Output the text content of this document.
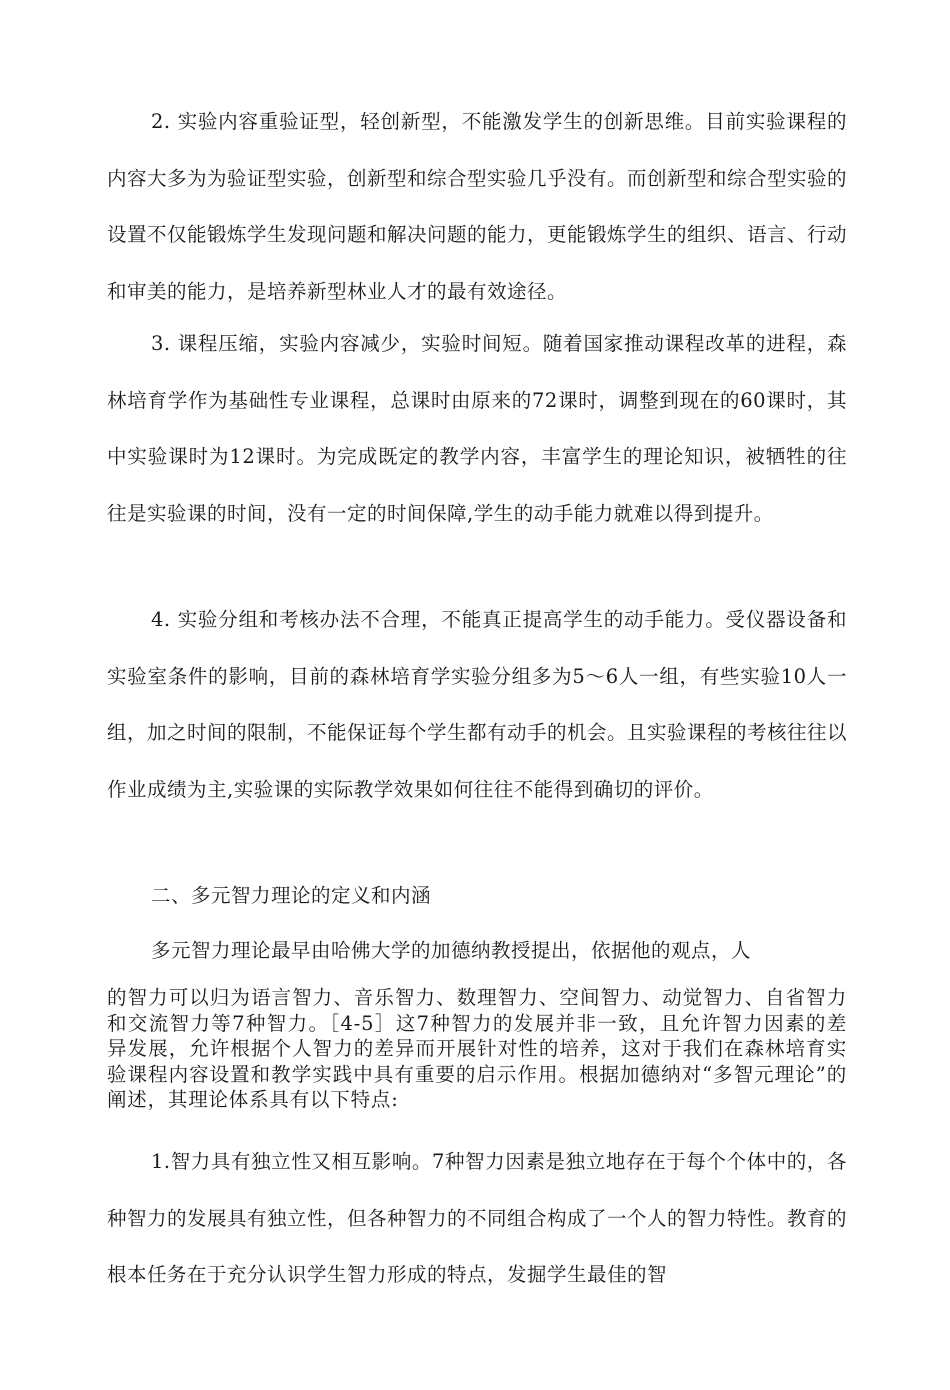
2. 实验内容重验证型，轻创新型，不能激发学生的创新思维。目前实验课程的内容大多为为验证型实验，创新型和综合型实验几乎没有。而创新型和综合型实验的设置不仅能锻炼学生发现问题和解决问题的能力，更能锻炼学生的组织、语言、行动和审美的能力，是培养新型林业人才的最有效途径。

3. 课程压缩，实验内容减少，实验时间短。随着国家推动课程改革的进程，森林培育学作为基础性专业课程，总课时由原来的72课时，调整到现在的60课时，其中实验课时为12课时。为完成既定的教学内容，丰富学生的理论知识，被牺牲的往往是实验课的时间，没有一定的时间保障,学生的动手能力就难以得到提升。

4. 实验分组和考核办法不合理，不能真正提高学生的动手能力。受仪器设备和实验室条件的影响，目前的森林培育学实验分组多为5〜6人一组，有些实验10人一组，加之时间的限制，不能保证每个学生都有动手的机会。且实验课程的考核往往以作业成绩为主,实验课的实际教学效果如何往往不能得到确切的评价。

二、多元智力理论的定义和内涵

多元智力理论最早由哈佛大学的加德纳教授提出，依据他的观点，人

的智力可以归为语言智力、音乐智力、数理智力、空间智力、动觉智力、自省智力和交流智力等7种智力。［4-5］这7种智力的发展并非一致，且允许智力因素的差异发展，允许根据个人智力的差异而开展针对性的培养，这对于我们在森林培育实验课程内容设置和教学实践中具有重要的启示作用。根据加德纳对“多智元理论”的阐述，其理论体系具有以下特点:

1.智力具有独立性又相互影响。7种智力因素是独立地存在于每个个体中的，各种智力的发展具有独立性，但各种智力的不同组合构成了一个人的智力特性。教育的根本任务在于充分认识学生智力形成的特点，发掘学生最佳的智
